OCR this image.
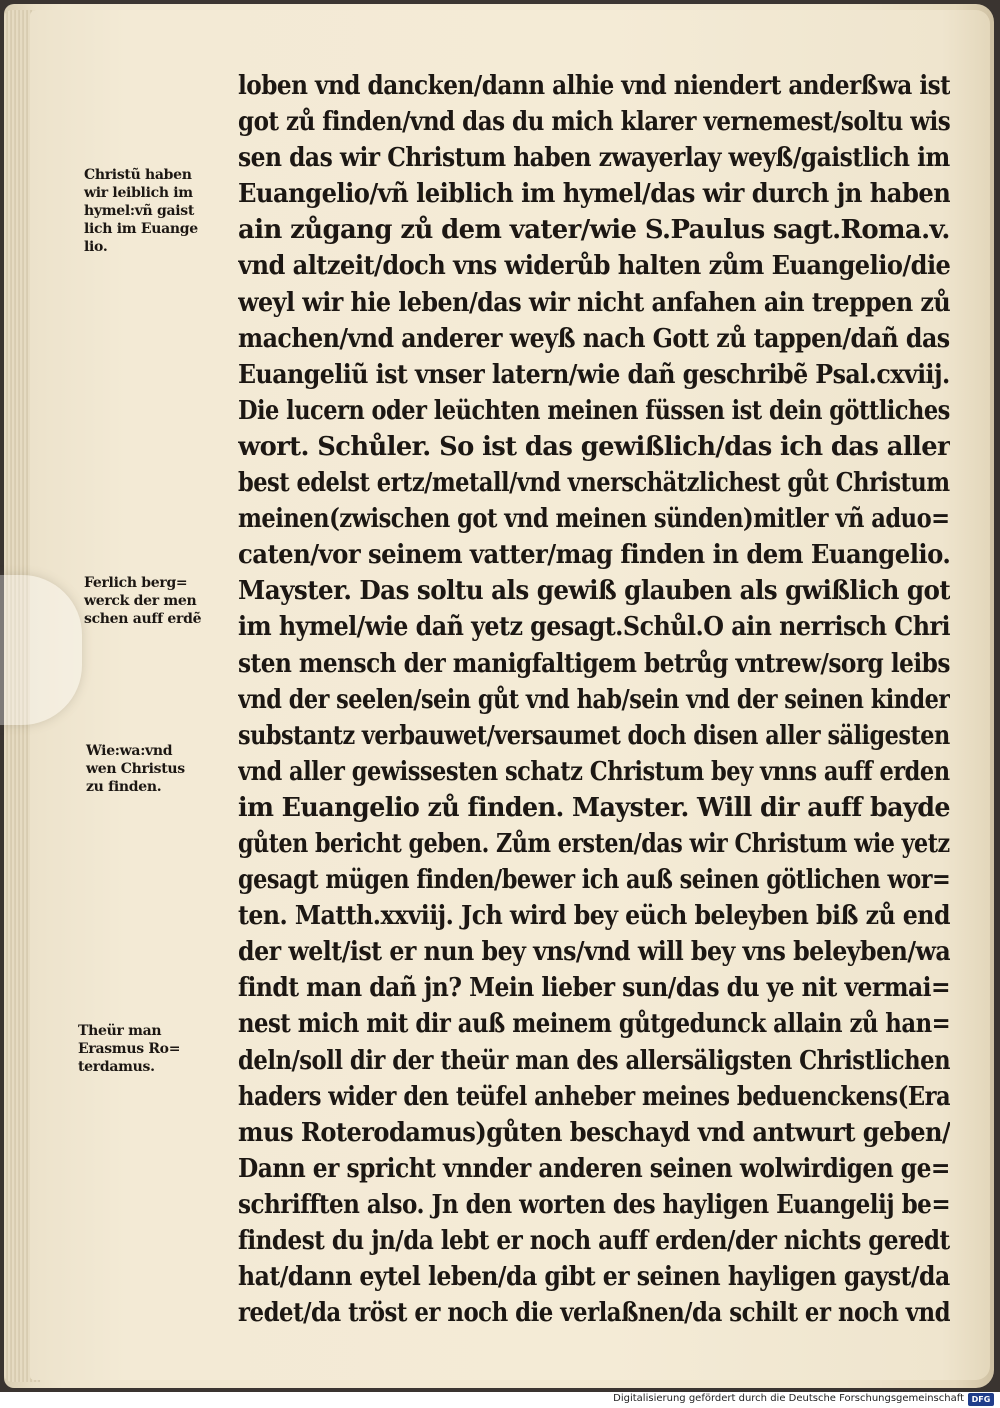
loben vnd dancken/dann alhie vnd niendert anderßwa ist
got zů finden/vnd das du mich klarer vernemest/soltu wis
sen das wir Christum haben zwayerlay weyß/gaistlich im
Euangelio/vñ leiblich im hymel/das wir durch jn haben
ain zůgang zů dem vater/wie S.Paulus sagt.Roma.v.
vnd altzeit/doch vns widerůb halten zům Euangelio/die
weyl wir hie leben/das wir nicht anfahen ain treppen zů
machen/vnd anderer weyß nach Gott zů tappen/dañ das
Euangeliũ ist vnser latern/wie dañ geschribẽ Psal.cxviij.
Die lucern oder leüchten meinen füssen ist dein göttliches
wort. Schůler. So ist das gewißlich/das ich das aller
best edelst ertz/metall/vnd vnerschätzlichest gůt Christum
meinen(zwischen got vnd meinen sünden)mitler vñ aduo=
caten/vor seinem vatter/mag finden in dem Euangelio.
Mayster. Das soltu als gewiß glauben als gwißlich got
im hymel/wie dañ yetz gesagt.Schůl.O ain nerrisch Chri
sten mensch der manigfaltigem betrůg vntrew/sorg leibs
vnd der seelen/sein gůt vnd hab/sein vnd der seinen kinder
substantz verbauwet/versaumet doch disen aller säligesten
vnd aller gewissesten schatz Christum bey vnns auff erden
im Euangelio zů finden. Mayster. Will dir auff bayde
gůten bericht geben. Zům ersten/das wir Christum wie yetz
gesagt mügen finden/bewer ich auß seinen götlichen wor=
ten. Matth.xxviij. Jch wird bey eüch beleyben biß zů end
der welt/ist er nun bey vns/vnd will bey vns beleyben/wa
findt man dañ jn? Mein lieber sun/das du ye nit vermai=
nest mich mit dir auß meinem gůtgedunck allain zů han=
deln/soll dir der theür man des allersäligsten Christlichen
haders wider den teüfel anheber meines beduenckens(Era
mus Roterodamus)gůten beschayd vnd antwurt geben/
Dann er spricht vnnder anderen seinen wolwirdigen ge=
schrifften also. Jn den worten des hayligen Euangelij be=
findest du jn/da lebt er noch auff erden/der nichts geredt
hat/dann eytel leben/da gibt er seinen hayligen gayst/da
redet/da tröst er noch die verlaßnen/da schilt er noch vnd
Christũ haben
wir leiblich im
hymel:vñ gaist
lich im Euange
lio.
Ferlich berg=
werck der men
schen auff erdẽ
Wie:wa:vnd
wen Christus
zu finden.
Theür man
Erasmus Ro=
terdamus.
Digitalisierung gefördert durch die Deutsche Forschungsgemeinschaft DFG
